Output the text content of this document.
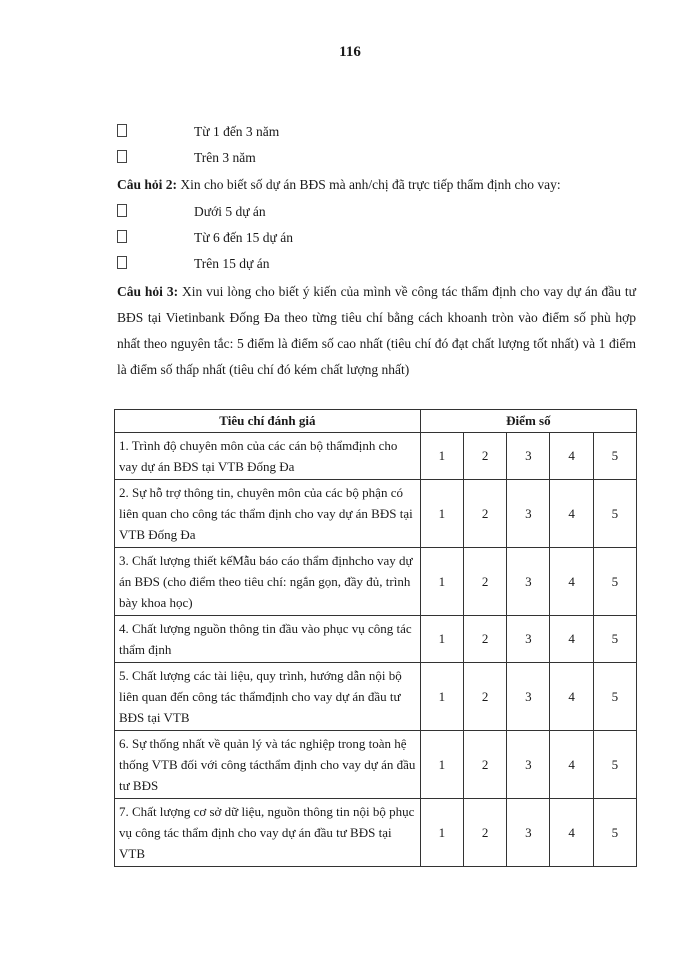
116
Từ 1 đến 3 năm
Trên 3 năm
Câu hỏi 2: Xin cho biết số dự án BĐS mà anh/chị đã trực tiếp thẩm định cho vay:
Dưới 5 dự án
Từ 6 đến 15 dự án
Trên 15 dự án
Câu hỏi 3: Xin vui lòng cho biết ý kiến của mình về công tác thẩm định cho vay dự án đầu tư BĐS tại Vietinbank Đống Đa theo từng tiêu chí bằng cách khoanh tròn vào điểm số phù hợp nhất theo nguyên tắc: 5 điểm là điểm số cao nhất (tiêu chí đó đạt chất lượng tốt nhất) và 1 điểm là điểm số thấp nhất (tiêu chí đó kém chất lượng nhất)
Tiêu chí đánh giá	Điểm số				
1. Trình độ chuyên môn của các cán bộ thẩmđịnh cho vay dự án BĐS tại VTB Đống Đa	1	2	3	4	5
2. Sự hỗ trợ thông tin, chuyên môn của các bộ phận có liên quan cho công tác thẩm định cho vay dự án BĐS tại VTB Đống Đa	1	2	3	4	5
3. Chất lượng thiết kếMẫu báo cáo thẩm địnhcho vay dự án BĐS (cho điểm theo tiêu chí: ngắn gọn, đầy đủ, trình bày khoa học)	1	2	3	4	5
4. Chất lượng nguồn thông tin đầu vào phục vụ công tác thẩm định	1	2	3	4	5
5. Chất lượng các tài liệu, quy trình, hướng dẫn nội bộ liên quan đến công tác thẩmđịnh cho vay dự án đầu tư BĐS tại VTB	1	2	3	4	5
6. Sự thống nhất về quản lý và tác nghiệp trong toàn hệ thống VTB đối với công tácthẩm định cho vay dự án đầu tư BĐS	1	2	3	4	5
7. Chất lượng cơ sở dữ liệu, nguồn thông tin nội bộ phục vụ công tác thẩm định cho vay dự án đầu tư BĐS tại VTB	1	2	3	4	5
